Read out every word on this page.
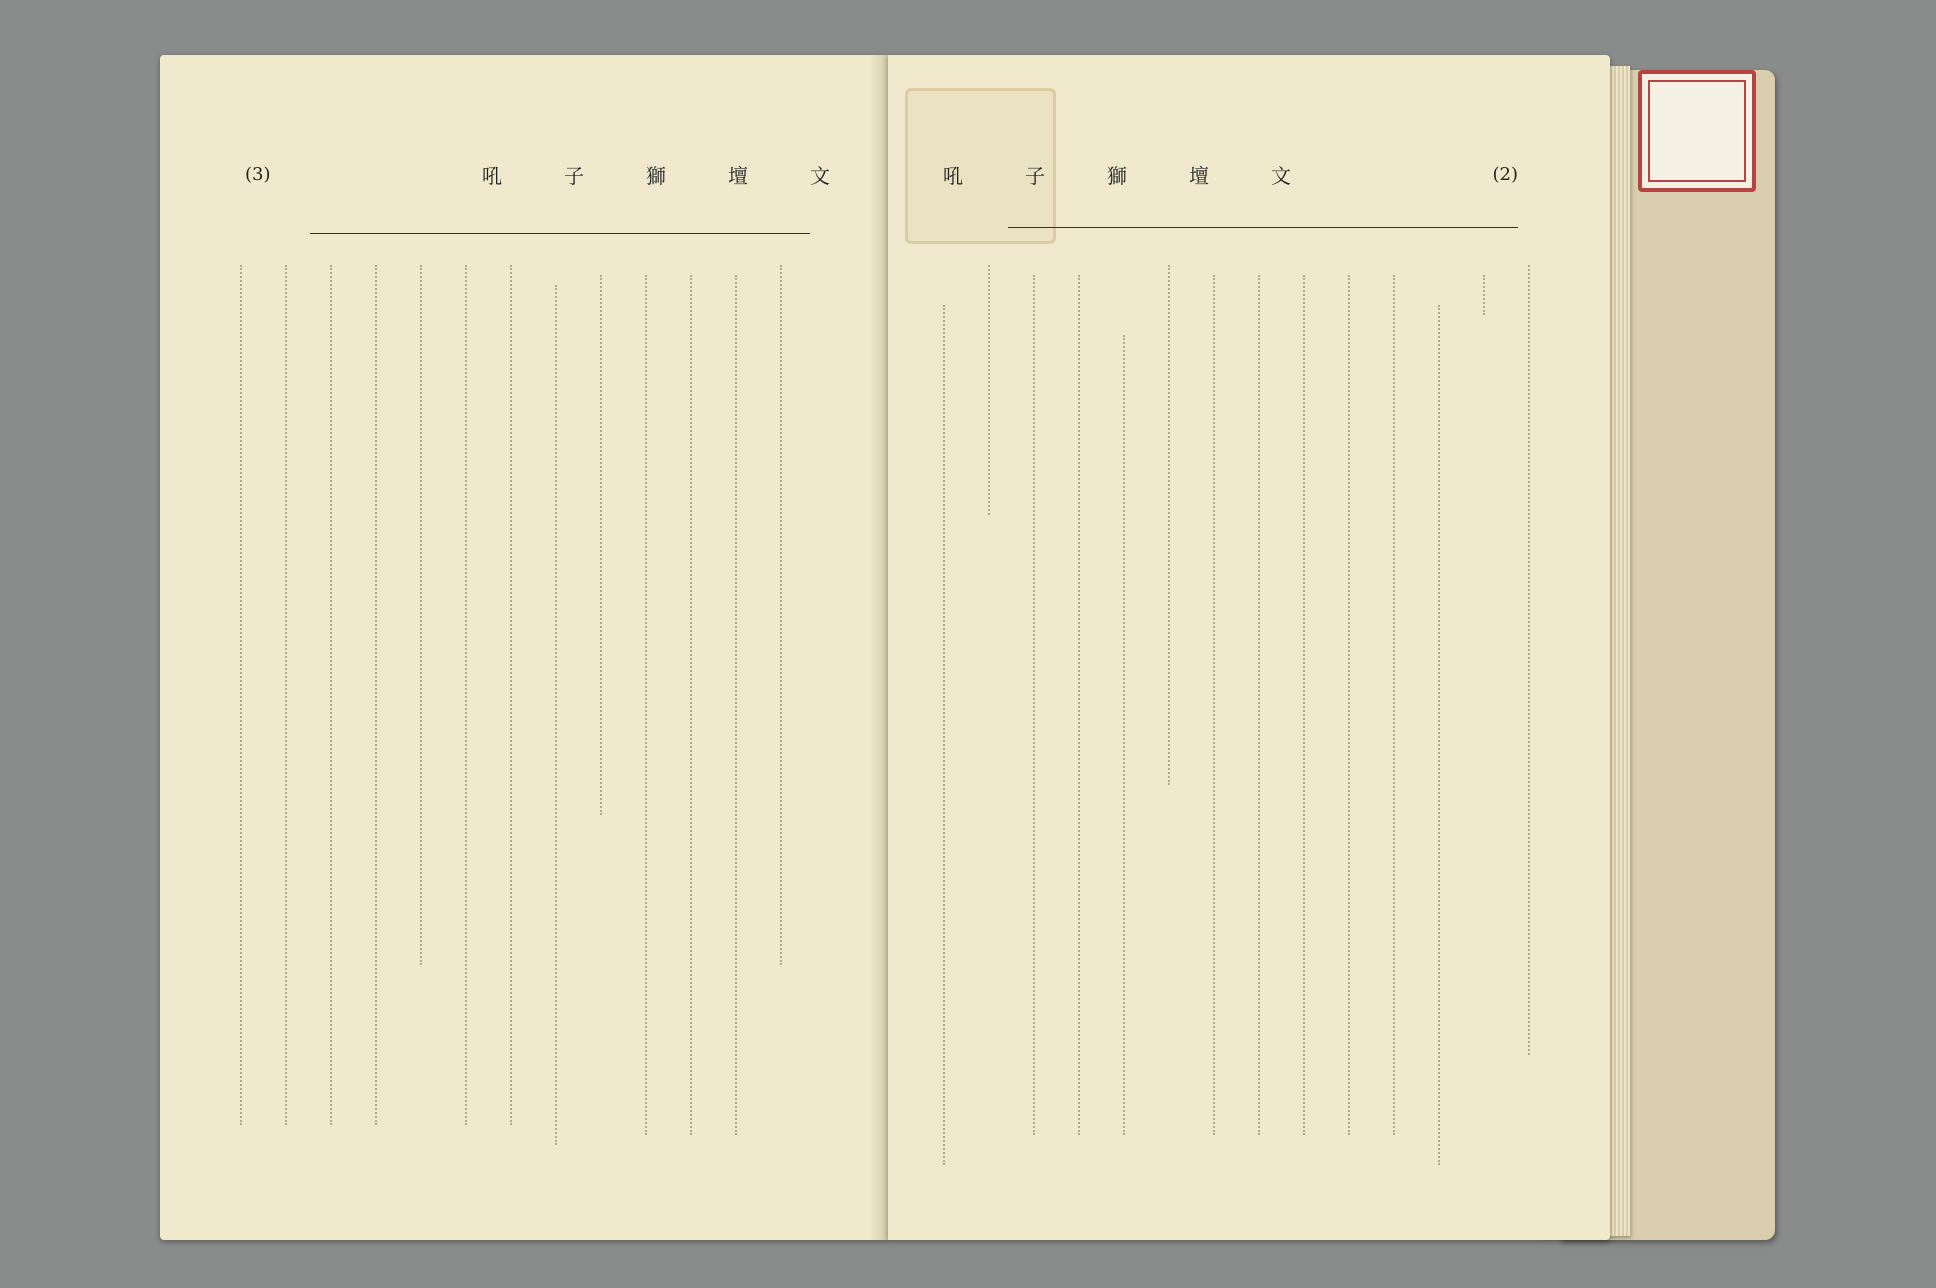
(3)	吼	子	獅	壇	文	吼	子	獅	壇	文	(2)
